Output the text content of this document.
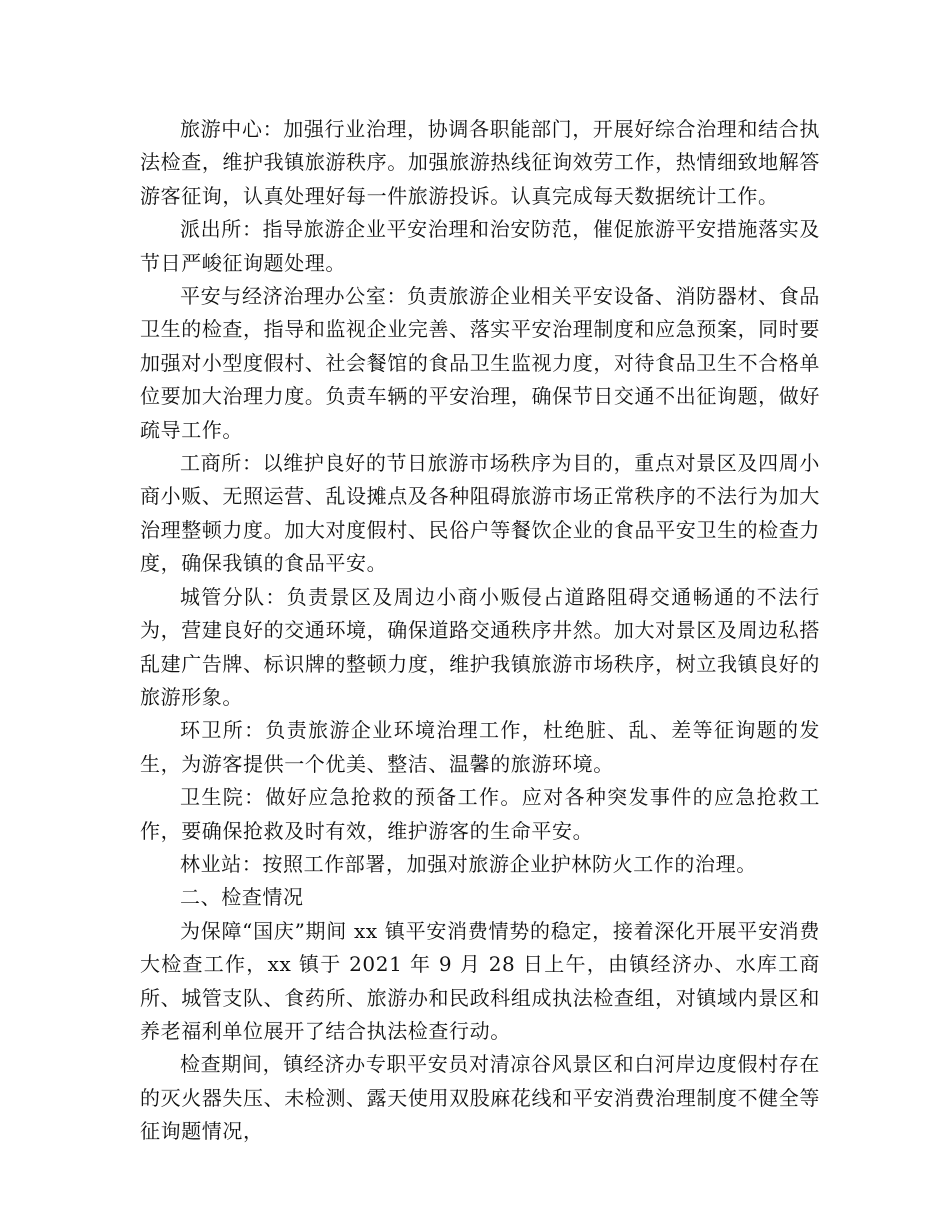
旅游中心：加强行业治理，协调各职能部门，开展好综合治理和结合执法检查，维护我镇旅游秩序。加强旅游热线征询效劳工作，热情细致地解答游客征询，认真处理好每一件旅游投诉。认真完成每天数据统计工作。

派出所：指导旅游企业平安治理和治安防范，催促旅游平安措施落实及节日严峻征询题处理。

平安与经济治理办公室：负责旅游企业相关平安设备、消防器材、食品卫生的检查，指导和监视企业完善、落实平安治理制度和应急预案，同时要加强对小型度假村、社会餐馆的食品卫生监视力度，对待食品卫生不合格单位要加大治理力度。负责车辆的平安治理，确保节日交通不出征询题，做好疏导工作。

工商所：以维护良好的节日旅游市场秩序为目的，重点对景区及四周小商小贩、无照运营、乱设摊点及各种阻碍旅游市场正常秩序的不法行为加大治理整顿力度。加大对度假村、民俗户等餐饮企业的食品平安卫生的检查力度，确保我镇的食品平安。

城管分队：负责景区及周边小商小贩侵占道路阻碍交通畅通的不法行为，营建良好的交通环境，确保道路交通秩序井然。加大对景区及周边私搭乱建广告牌、标识牌的整顿力度，维护我镇旅游市场秩序，树立我镇良好的旅游形象。

环卫所：负责旅游企业环境治理工作，杜绝脏、乱、差等征询题的发生，为游客提供一个优美、整洁、温馨的旅游环境。

卫生院：做好应急抢救的预备工作。应对各种突发事件的应急抢救工作，要确保抢救及时有效，维护游客的生命平安。

林业站：按照工作部署，加强对旅游企业护林防火工作的治理。

二、检查情况

为保障“国庆”期间 xx 镇平安消费情势的稳定，接着深化开展平安消费大检查工作，xx 镇于 2021 年 9 月 28 日上午，由镇经济办、水库工商所、城管支队、食药所、旅游办和民政科组成执法检查组，对镇域内景区和养老福利单位展开了结合执法检查行动。

检查期间，镇经济办专职平安员对清凉谷风景区和白河岸边度假村存在的灭火器失压、未检测、露天使用双股麻花线和平安消费治理制度不健全等征询题情况，
